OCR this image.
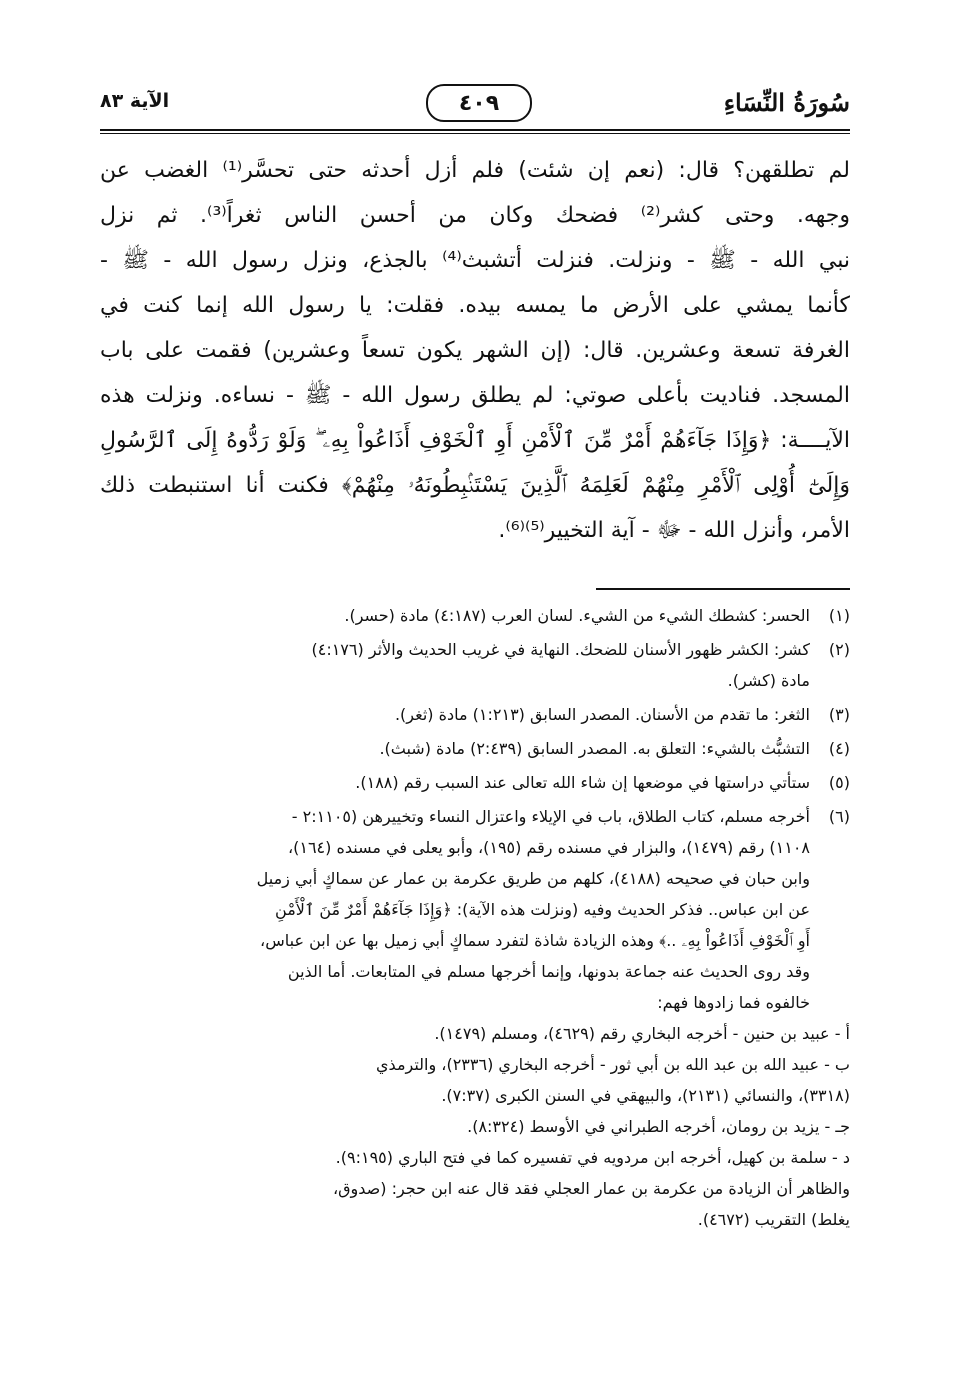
سُورَةُ النِّسَاءِ
٤٠٩
الآية ٨٣
لم تطلقهن؟ قال: (نعم إن شئت) فلم أزل أحدثه حتى تحسَّر⁽¹⁾ الغضب عن
وجهه. وحتى كشر⁽²⁾ فضحك وكان من أحسن الناس ثغراً⁽³⁾. ثم نزل
نبي الله - ﷺ - ونزلت. فنزلت أتشبث⁽⁴⁾ بالجذع، ونزل رسول الله - ﷺ -
كأنما يمشي على الأرض ما يمسه بيده. فقلت: يا رسول الله إنما كنت في
الغرفة تسعة وعشرين. قال: (إن الشهر يكون تسعاً وعشرين) فقمت على باب
المسجد. فناديت بأعلى صوتي: لم يطلق رسول الله - ﷺ - نساءه. ونزلت هذه
الآيــــة: ﴿وَإِذَا جَآءَهُمْ أَمْرٌ مِّنَ ٱلْأَمْنِ أَوِ ٱلْخَوْفِ أَذَاعُواْ بِهِۦ ۖ وَلَوْ رَدُّوهُ إِلَى ٱلرَّسُولِ
وَإِلَىٰٓ أُوْلِى ٱلْأَمْرِ مِنْهُمْ لَعَلِمَهُ ٱلَّذِينَ يَسْتَنۢبِطُونَهُۥ مِنْهُمْ﴾ فكنت أنا استنبطت ذلك
الأمر، وأنزل الله - ﷻ - آية التخيير⁽⁵⁾⁽⁶⁾.
(١)الحسر: كشطك الشيء من الشيء. لسان العرب (٤:١٨٧) مادة (حسر).
(٢)كشر: الكشر ظهور الأسنان للضحك. النهاية في غريب الحديث والأثر (٤:١٧٦)
مادة (كشر).
(٣)الثغر: ما تقدم من الأسنان. المصدر السابق (١:٢١٣) مادة (ثغر).
(٤)التشبُّث بالشيء: التعلق به. المصدر السابق (٢:٤٣٩) مادة (شبث).
(٥)ستأتي دراستها في موضعها إن شاء الله تعالى عند السبب رقم (١٨٨).
(٦)أخرجه مسلم، كتاب الطلاق، باب في الإيلاء واعتزال النساء وتخييرهن (٢:١١٠٥ -
١١٠٨) رقم (١٤٧٩)، والبزار في مسنده رقم (١٩٥)، وأبو يعلى في مسنده (١٦٤)،
وابن حبان في صحيحه (٤١٨٨)، كلهم من طريق عكرمة بن عمار عن سماكٍ أبي زميل
عن ابن عباس.. فذكر الحديث وفيه (ونزلت هذه الآية): ﴿وَإِذَا جَآءَهُمْ أَمْرٌ مِّنَ ٱلْأَمْنِ
أَوِ ٱلْخَوْفِ أَذَاعُواْ بِهِۦ ..﴾ وهذه الزيادة شاذة لتفرد سماكٍ أبي زميل بها عن ابن عباس،
وقد روى الحديث عنه جماعة بدونها، وإنما أخرجها مسلم في المتابعات. أما الذين
خالفوه فما زادوها فهم:
أ - عبيد بن حنين - أخرجه البخاري رقم (٤٦٢٩)، ومسلم (١٤٧٩).
ب - عبيد الله بن عبد الله بن أبي ثور - أخرجه البخاري (٢٣٣٦)، والترمذي
(٣٣١٨)، والنسائي (٢١٣١)، والبيهقي في السنن الكبرى (٧:٣٧).
جـ - يزيد بن رومان، أخرجه الطبراني في الأوسط (٨:٣٢٤).
د - سلمة بن كهيل، أخرجه ابن مردويه في تفسيره كما في فتح الباري (٩:١٩٥).
والظاهر أن الزيادة من عكرمة بن عمار العجلي فقد قال عنه ابن حجر: (صدوق،
يغلط) التقريب (٤٦٧٢).
